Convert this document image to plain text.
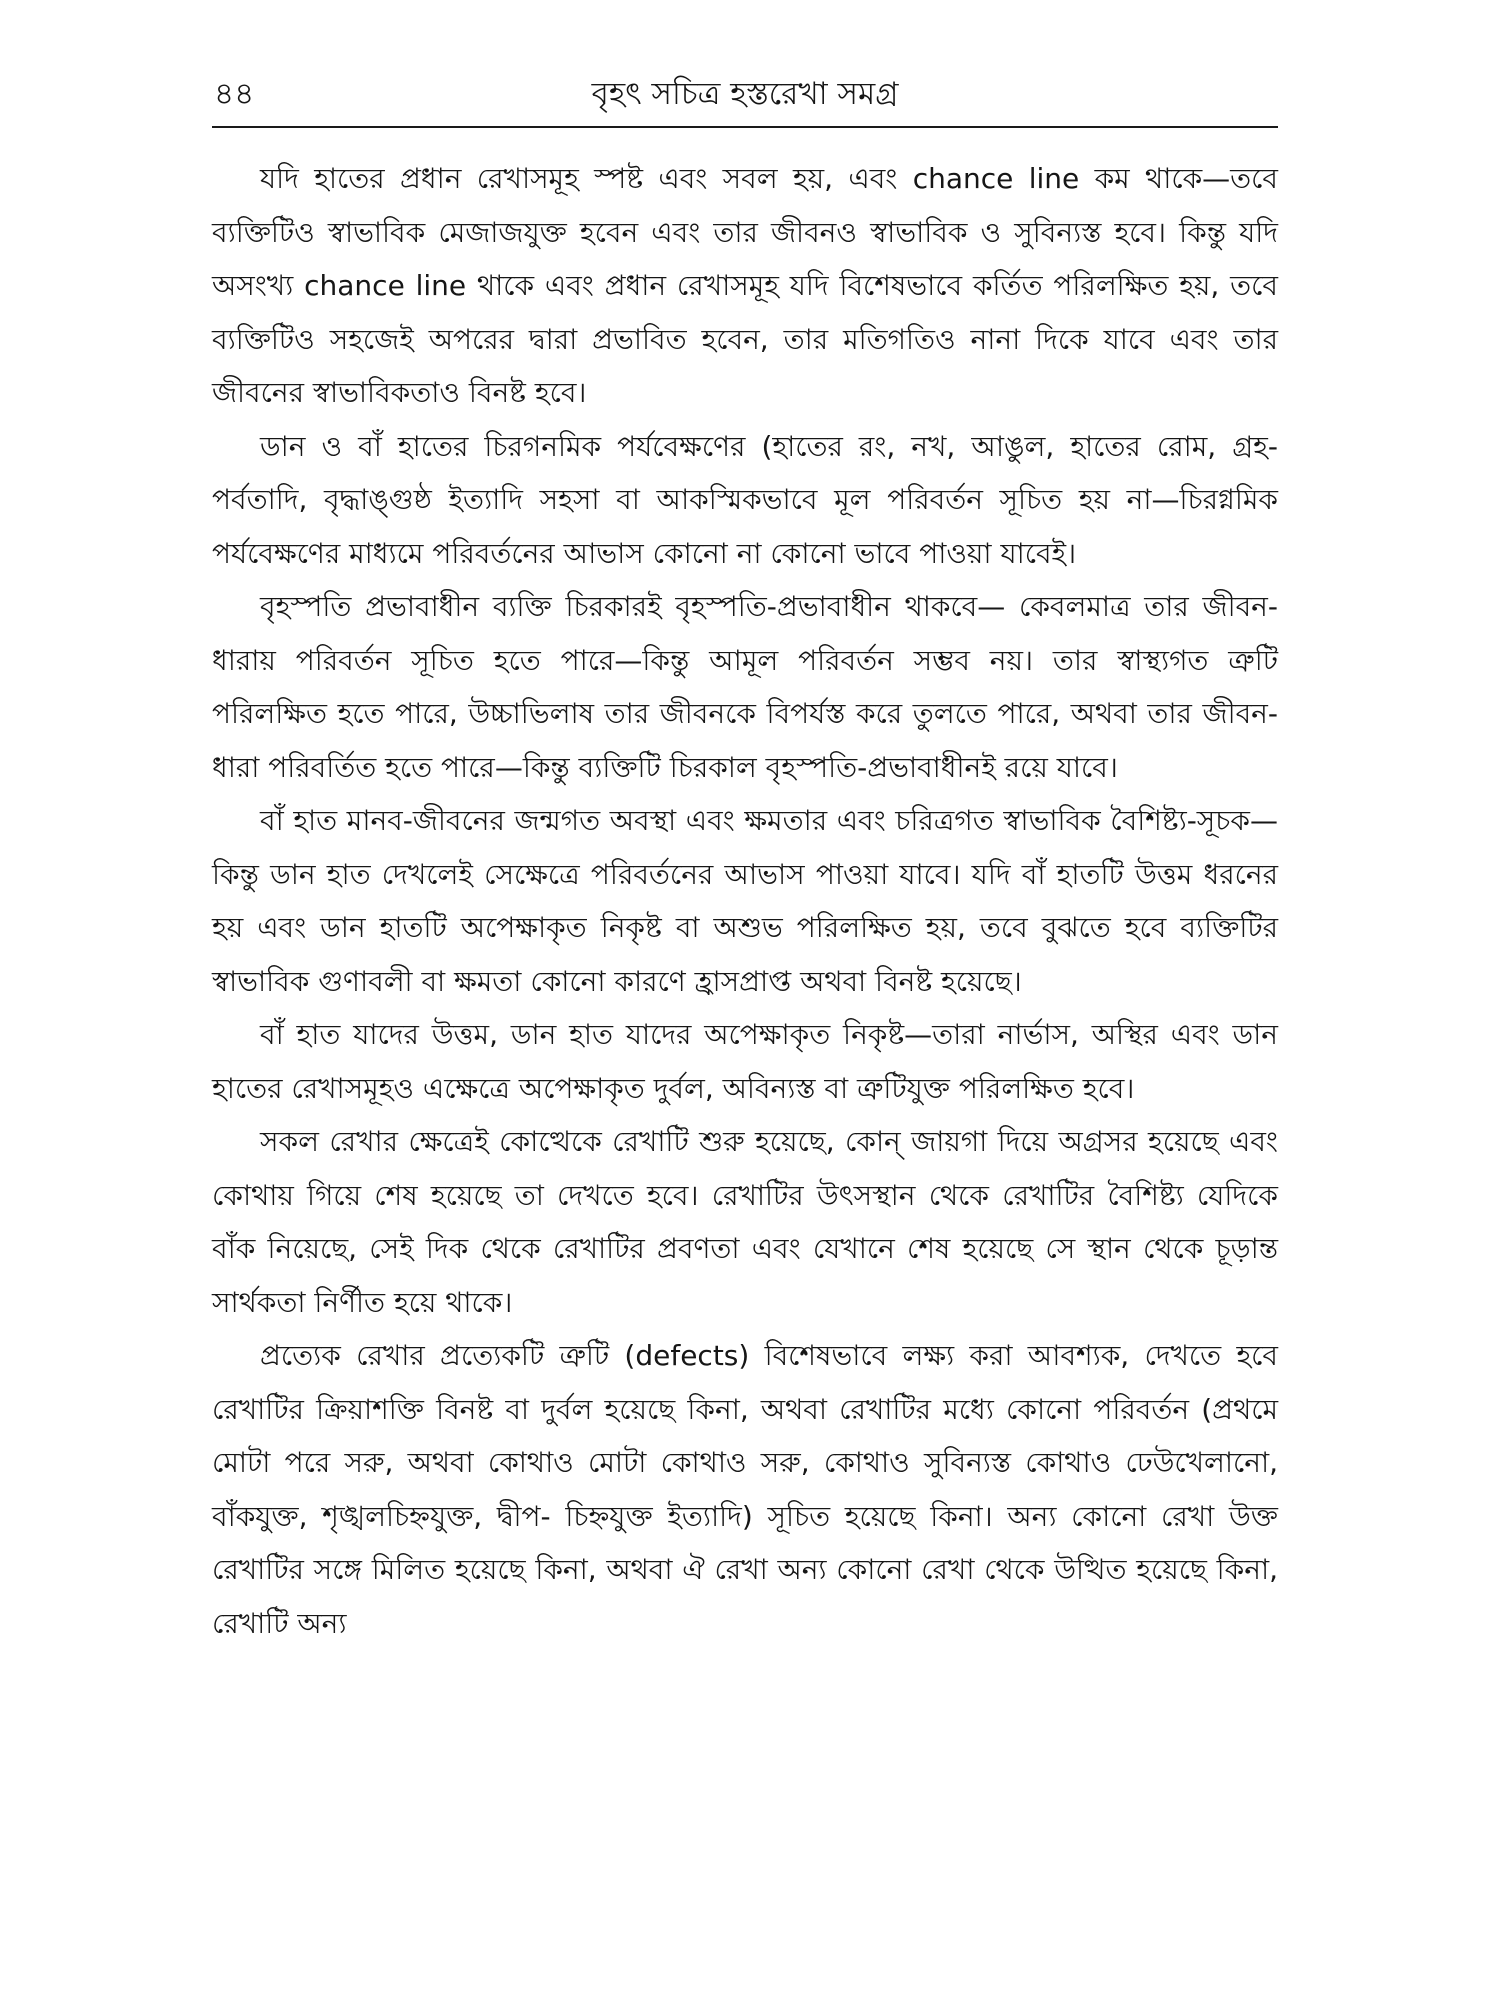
৪৪	বৃহৎ সচিত্র হস্তরেখা সমগ্র

যদি হাতের প্রধান রেখাসমূহ স্পষ্ট এবং সবল হয়, এবং chance line কম থাকে—তবে ব্যক্তিটিও স্বাভাবিক মেজাজযুক্ত হবেন এবং তার জীবনও স্বাভাবিক ও সুবিন্যস্ত হবে। কিন্তু যদি অসংখ্য chance line থাকে এবং প্রধান রেখাসমূহ যদি বিশেষভাবে কর্তিত পরিলক্ষিত হয়, তবে ব্যক্তিটিও সহজেই অপরের দ্বারা প্রভাবিত হবেন, তার মতিগতিও নানা দিকে যাবে এবং তার জীবনের স্বাভাবিকতাও বিনষ্ট হবে।

ডান ও বাঁ হাতের চিরগনমিক পর্যবেক্ষণের (হাতের রং, নখ, আঙুল, হাতের রোম, গ্রহ-পর্বতাদি, বৃদ্ধাঙ্গুষ্ঠ ইত্যাদি সহসা বা আকস্মিকভাবে মূল পরিবর্তন সূচিত হয় না—চিরগ্নমিক পর্যবেক্ষণের মাধ্যমে পরিবর্তনের আভাস কোনো না কোনো ভাবে পাওয়া যাবেই।

বৃহস্পতি প্রভাবাধীন ব্যক্তি চিরকারই বৃহস্পতি-প্রভাবাধীন থাকবে— কেবলমাত্র তার জীবন-ধারায় পরিবর্তন সূচিত হতে পারে—কিন্তু আমূল পরিবর্তন সম্ভব নয়। তার স্বাস্থ্যগত ত্রুটি পরিলক্ষিত হতে পারে, উচ্চাভিলাষ তার জীবনকে বিপর্যস্ত করে তুলতে পারে, অথবা তার জীবন-ধারা পরিবর্তিত হতে পারে—কিন্তু ব্যক্তিটি চিরকাল বৃহস্পতি-প্রভাবাধীনই রয়ে যাবে।

বাঁ হাত মানব-জীবনের জন্মগত অবস্থা এবং ক্ষমতার এবং চরিত্রগত স্বাভাবিক বৈশিষ্ট্য-সূচক—কিন্তু ডান হাত দেখলেই সেক্ষেত্রে পরিবর্তনের আভাস পাওয়া যাবে। যদি বাঁ হাতটি উত্তম ধরনের হয় এবং ডান হাতটি অপেক্ষাকৃত নিকৃষ্ট বা অশুভ পরিলক্ষিত হয়, তবে বুঝতে হবে ব্যক্তিটির স্বাভাবিক গুণাবলী বা ক্ষমতা কোনো কারণে হ্রাসপ্রাপ্ত অথবা বিনষ্ট হয়েছে।

বাঁ হাত যাদের উত্তম, ডান হাত যাদের অপেক্ষাকৃত নিকৃষ্ট—তারা নার্ভাস, অস্থির এবং ডান হাতের রেখাসমূহও এক্ষেত্রে অপেক্ষাকৃত দুর্বল, অবিন্যস্ত বা ত্রুটিযুক্ত পরিলক্ষিত হবে।

সকল রেখার ক্ষেত্রেই কোত্থেকে রেখাটি শুরু হয়েছে, কোন্ জায়গা দিয়ে অগ্রসর হয়েছে এবং কোথায় গিয়ে শেষ হয়েছে তা দেখতে হবে। রেখাটির উৎসস্থান থেকে রেখাটির বৈশিষ্ট্য যেদিকে বাঁক নিয়েছে, সেই দিক থেকে রেখাটির প্রবণতা এবং যেখানে শেষ হয়েছে সে স্থান থেকে চূড়ান্ত সার্থকতা নির্ণীত হয়ে থাকে।

প্রত্যেক রেখার প্রত্যেকটি ত্রুটি (defects) বিশেষভাবে লক্ষ্য করা আবশ্যক, দেখতে হবে রেখাটির ক্রিয়াশক্তি বিনষ্ট বা দুর্বল হয়েছে কিনা, অথবা রেখাটির মধ্যে কোনো পরিবর্তন (প্রথমে মোটা পরে সরু, অথবা কোথাও মোটা কোথাও সরু, কোথাও সুবিন্যস্ত কোথাও ঢেউখেলানো, বাঁকযুক্ত, শৃঙ্খলচিহ্নযুক্ত, দ্বীপ- চিহ্নযুক্ত ইত্যাদি) সূচিত হয়েছে কিনা। অন্য কোনো রেখা উক্ত রেখাটির সঙ্গে মিলিত হয়েছে কিনা, অথবা ঐ রেখা অন্য কোনো রেখা থেকে উত্থিত হয়েছে কিনা, রেখাটি অন্য
